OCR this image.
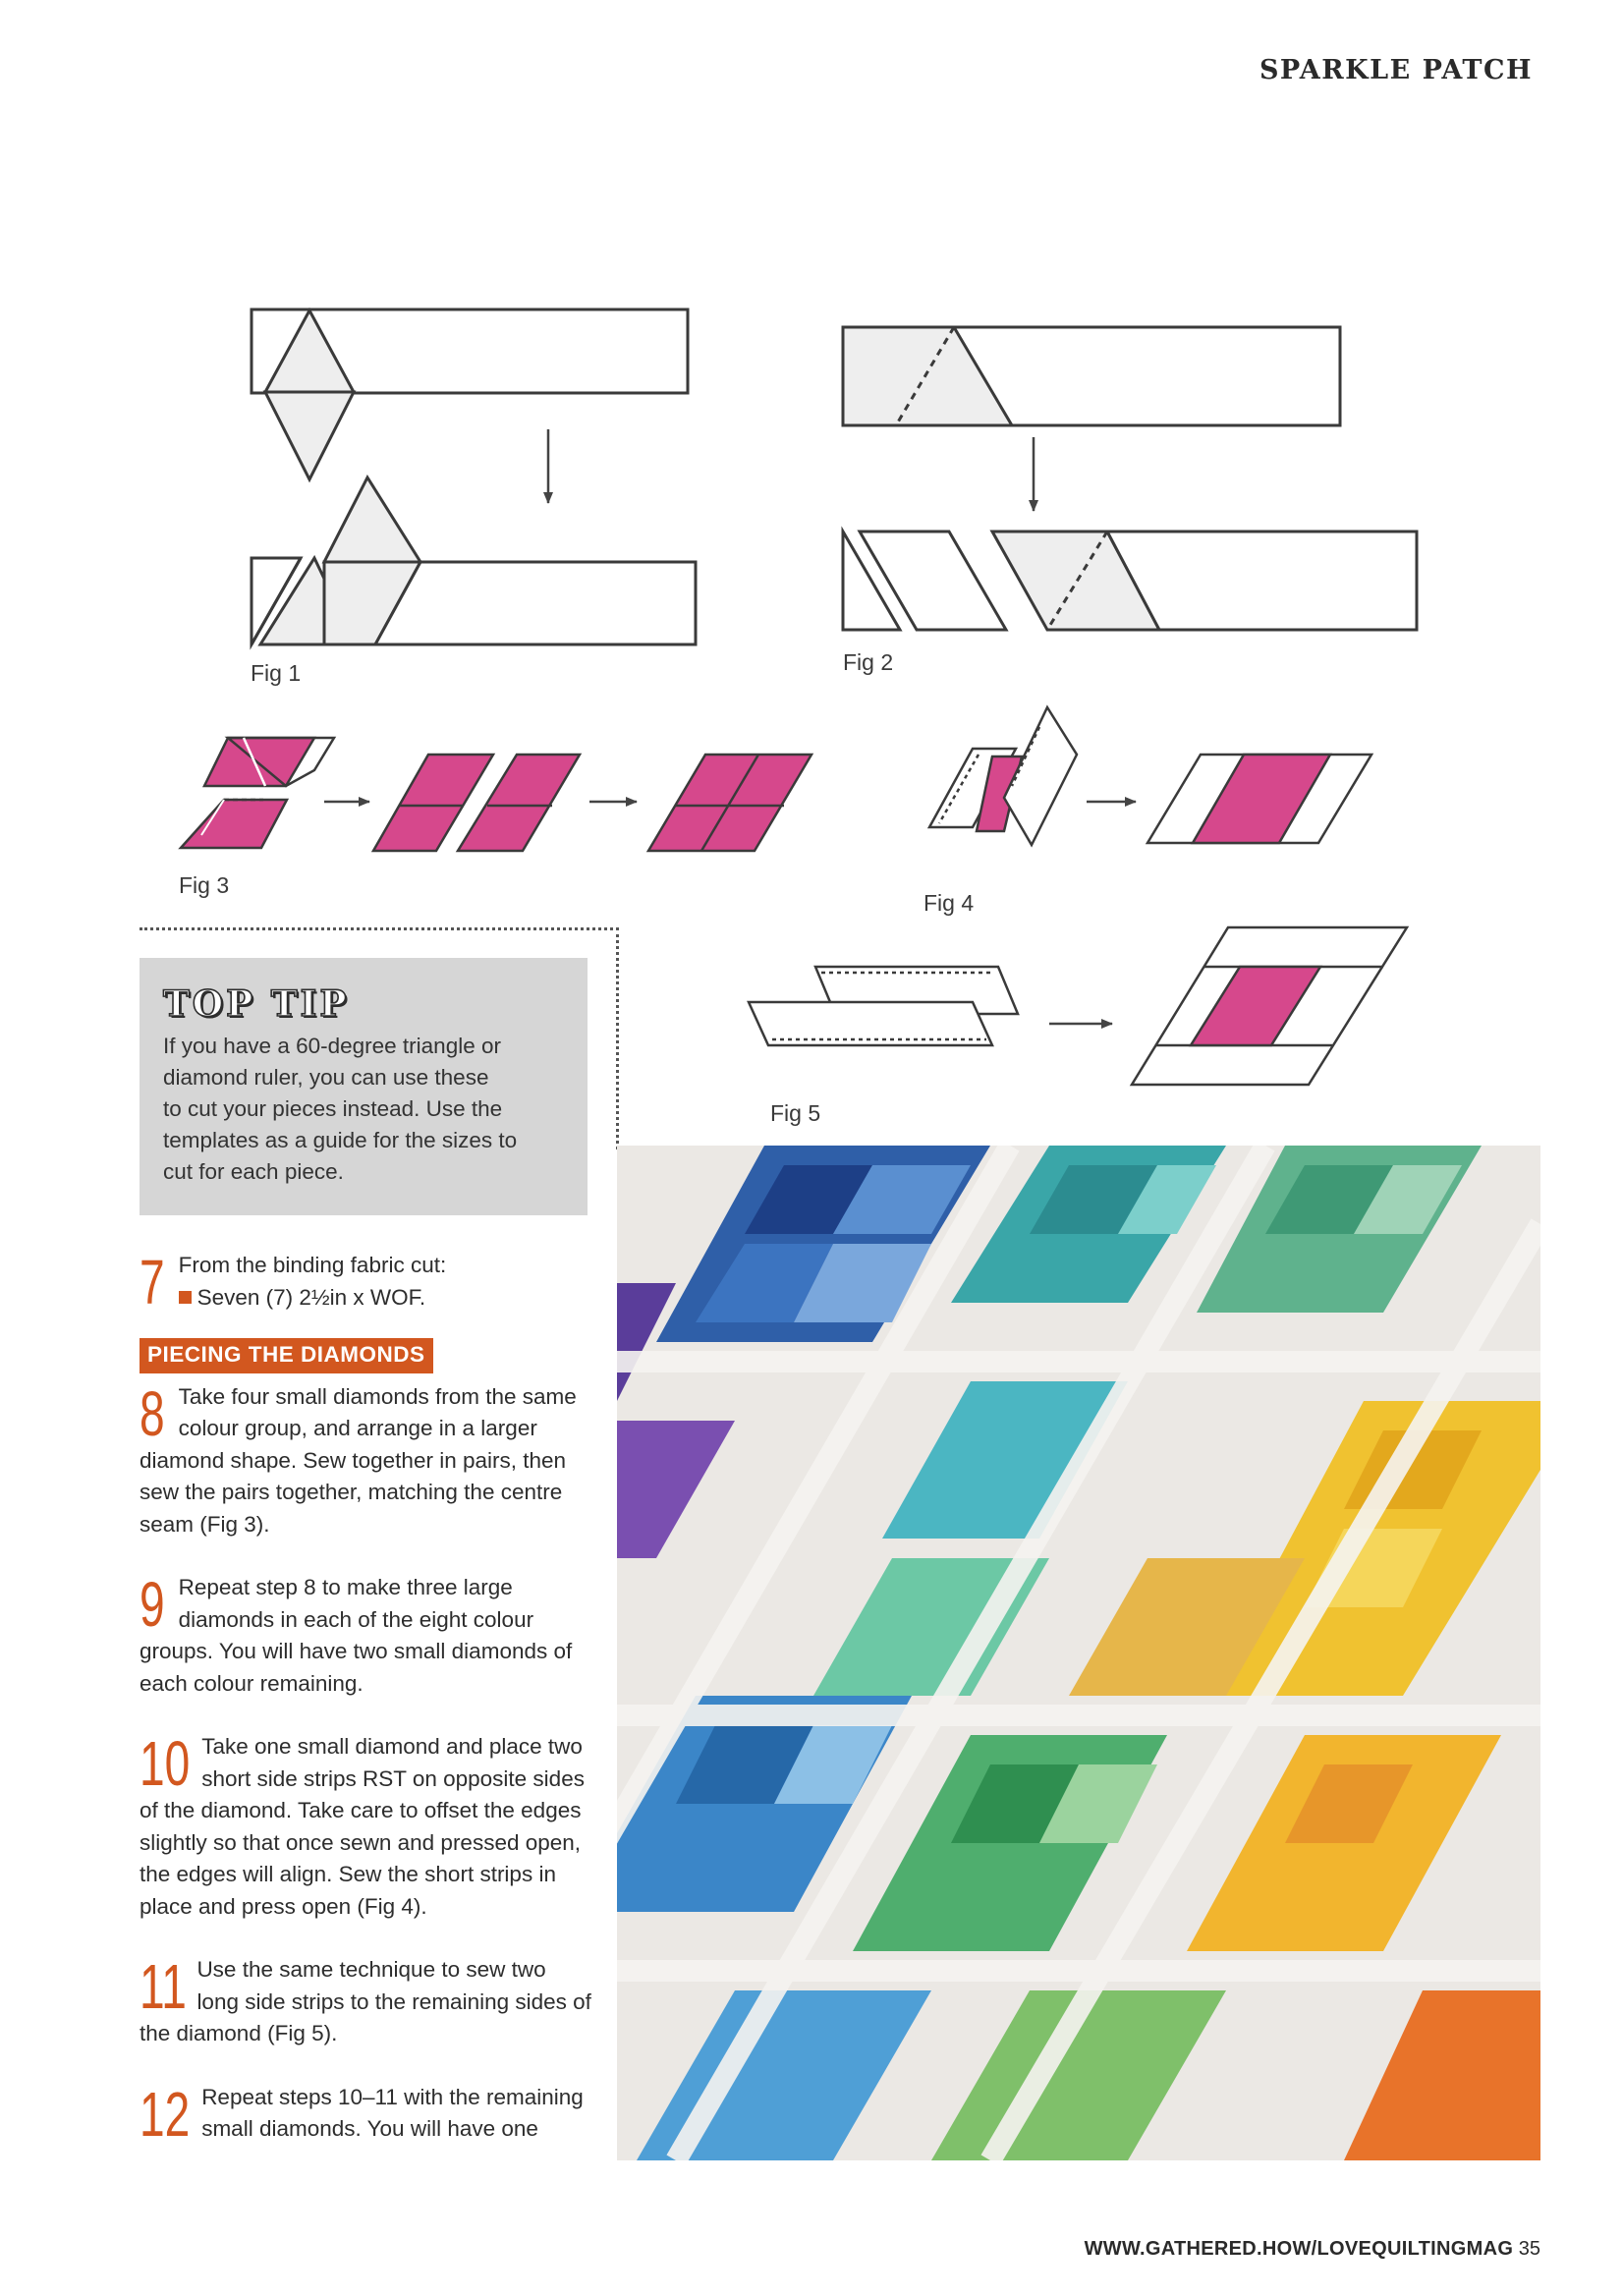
SPARKLE PATCH
Fig 1	Fig 2
Fig 3
Fig 4
Fig 5
TOP TIP
If you have a 60-degree triangle or
diamond ruler, you can use these
to cut your pieces instead. Use the
templates as a guide for the sizes to
cut for each piece.
7 From the binding fabric cut:
Seven (7) 2½in x WOF.
PIECING THE DIAMONDS
8 Take four small diamonds from the same colour group, and arrange in a larger diamond shape. Sew together in pairs, then sew the pairs together, matching the centre seam (Fig 3).
9 Repeat step 8 to make three large diamonds in each of the eight colour groups. You will have two small diamonds of each colour remaining.
10 Take one small diamond and place two short side strips RST on opposite sides of the diamond. Take care to offset the edges slightly so that once sewn and pressed open, the edges will align. Sew the short strips in place and press open (Fig 4).
11 Use the same technique to sew two long side strips to the remaining sides of the diamond (Fig 5).
12 Repeat steps 10–11 with the remaining small diamonds. You will have one
WWW.GATHERED.HOW/LOVEQUILTINGMAG 35
